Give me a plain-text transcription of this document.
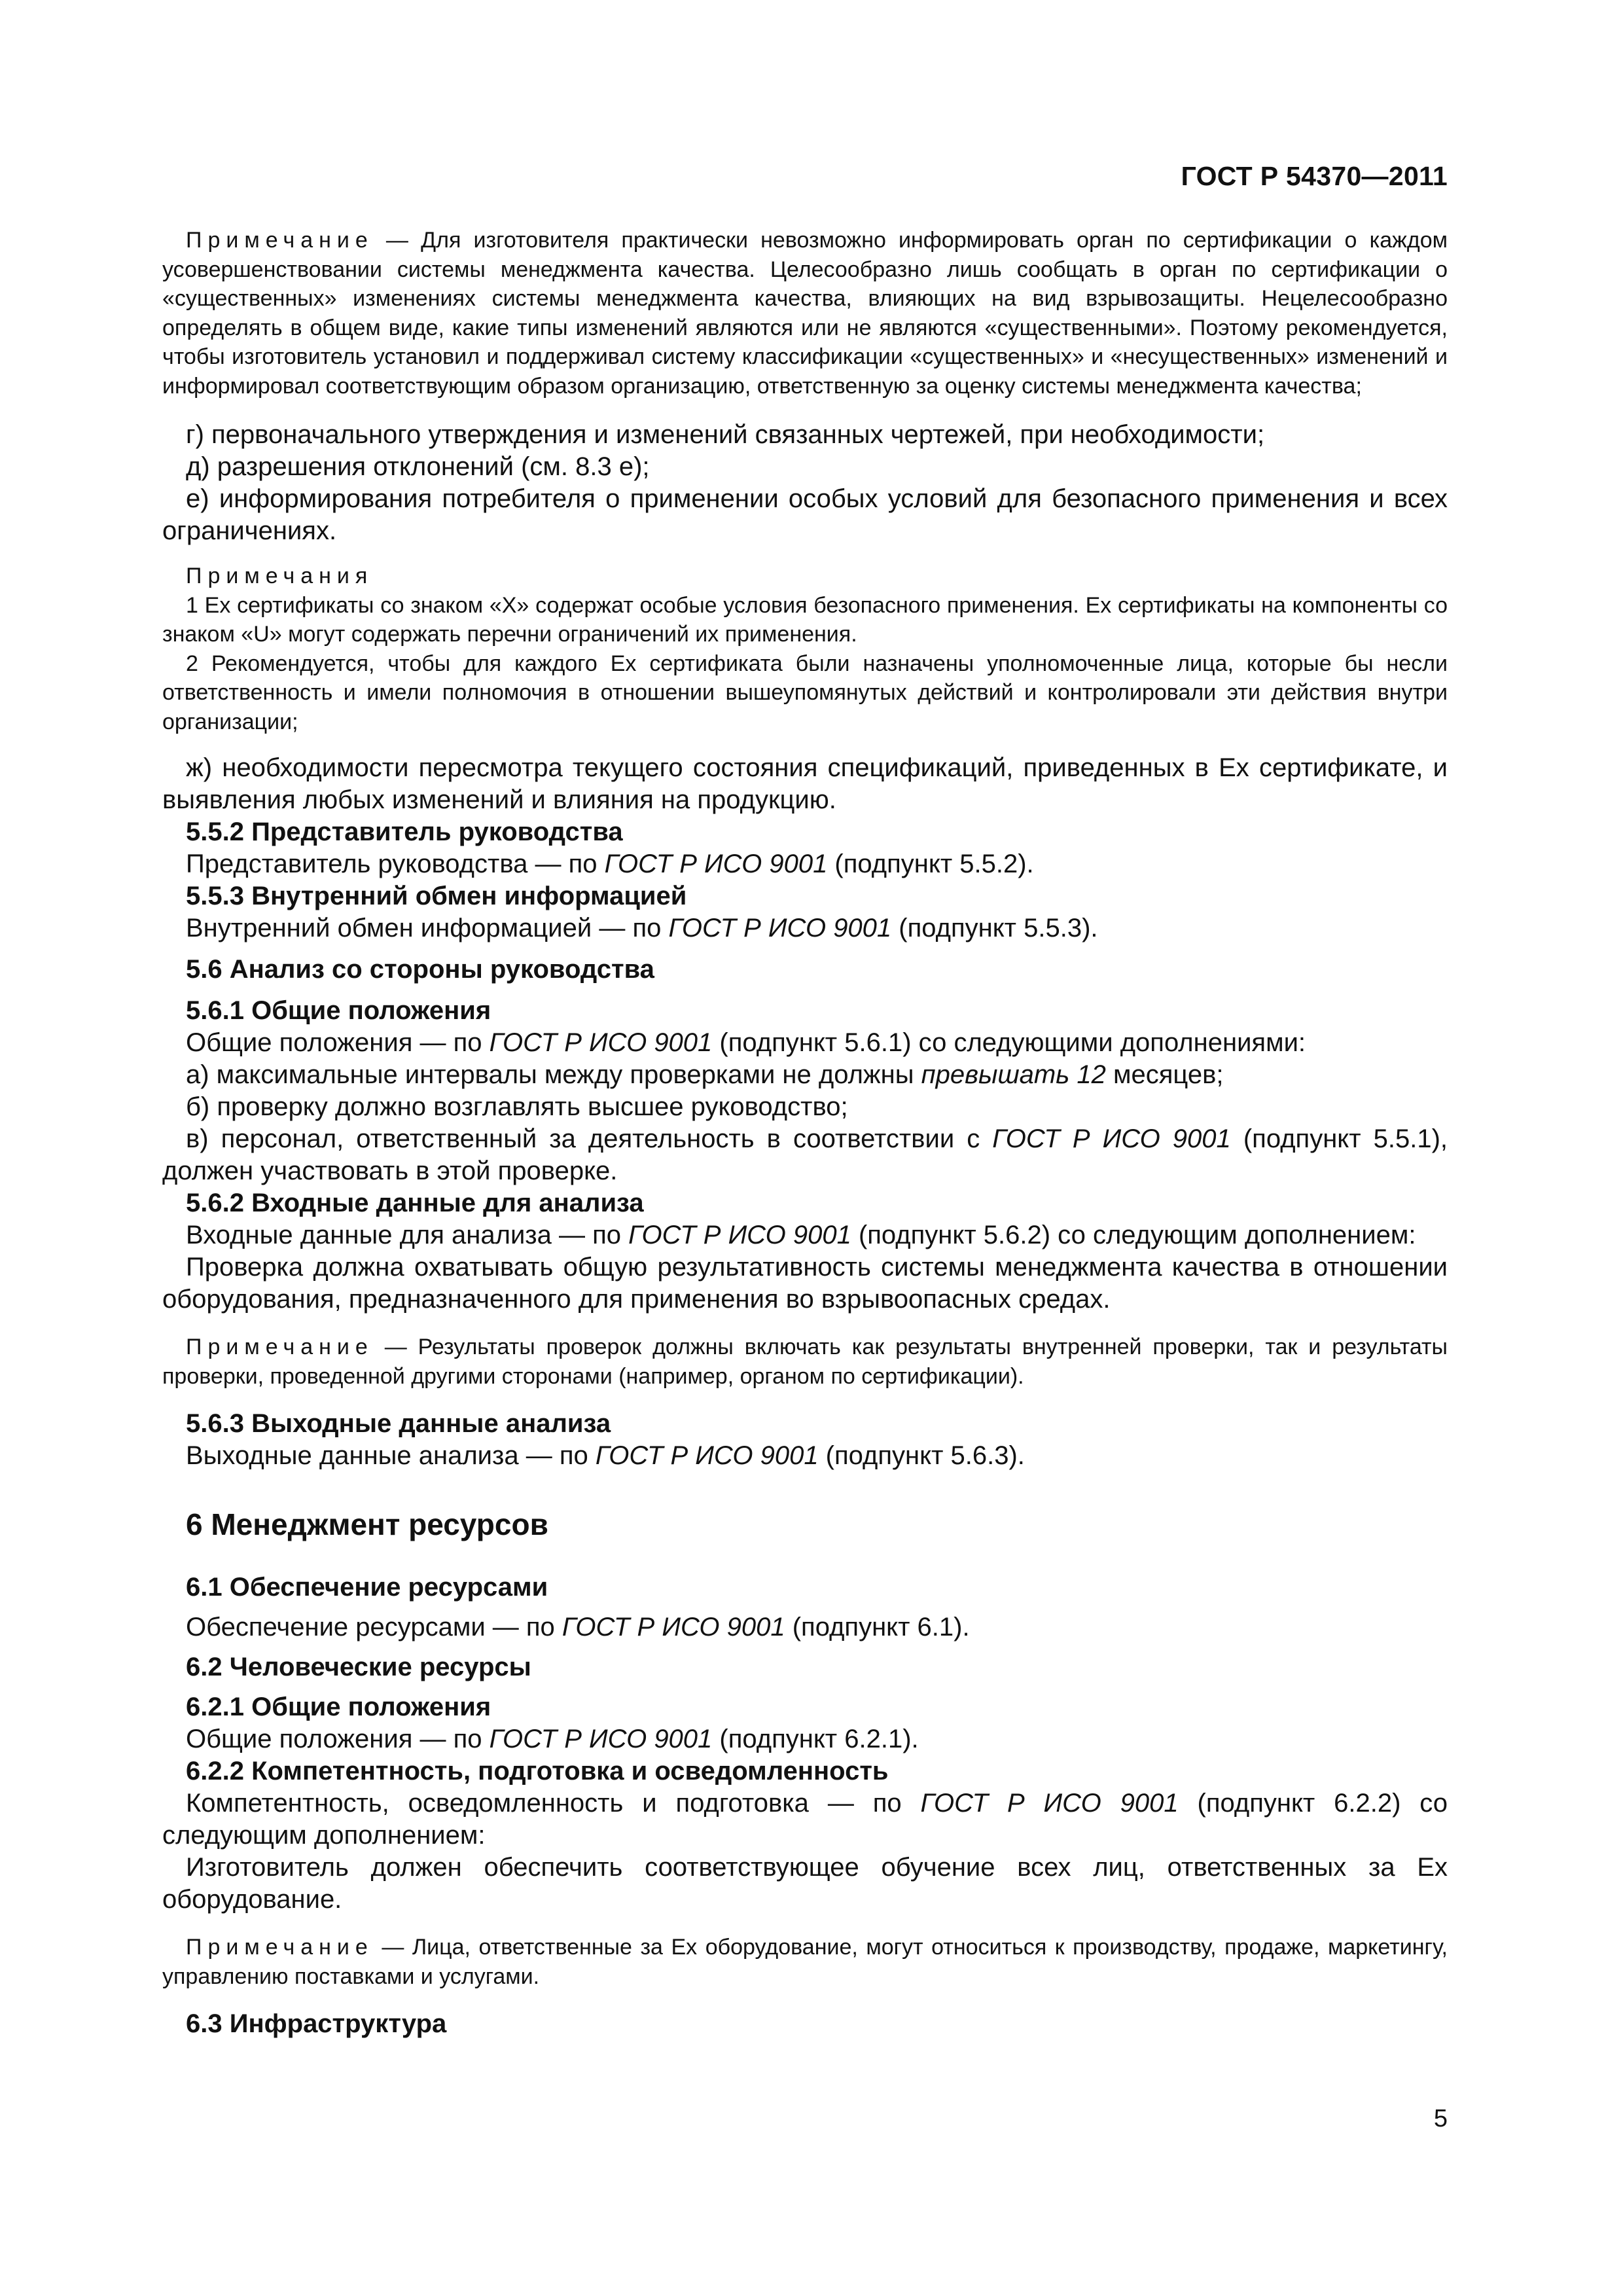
ГОСТ Р 54370—2011

Примечание — Для изготовителя практически невозможно информировать орган по сертификации о каждом усовершенствовании системы менеджмента качества. Целесообразно лишь сообщать в орган по сертификации о «существенных» изменениях системы менеджмента качества, влияющих на вид взрывозащиты. Нецелесообразно определять в общем виде, какие типы изменений являются или не являются «существенными». Поэтому рекомендуется, чтобы изготовитель установил и поддерживал систему классификации «существенных» и «несущественных» изменений и информировал соответствующим образом организацию, ответственную за оценку системы менеджмента качества;

г) первоначального утверждения и изменений связанных чертежей, при необходимости;

д) разрешения отклонений (см. 8.3 е);

е) информирования потребителя о применении особых условий для безопасного применения и всех ограничениях.

Примечания

1 Ех сертификаты со знаком «Х» содержат особые условия безопасного применения. Ех сертификаты на компоненты со знаком «U» могут содержать перечни ограничений их применения.

2 Рекомендуется, чтобы для каждого Ех сертификата были назначены уполномоченные лица, которые бы несли ответственность и имели полномочия в отношении вышеупомянутых действий и контролировали эти действия внутри организации;

ж) необходимости пересмотра текущего состояния спецификаций, приведенных в Ех сертификате, и выявления любых изменений и влияния на продукцию.

5.5.2 Представитель руководства

Представитель руководства — по ГОСТ Р ИСО 9001 (подпункт 5.5.2).

5.5.3 Внутренний обмен информацией

Внутренний обмен информацией — по ГОСТ Р ИСО 9001 (подпункт 5.5.3).

5.6 Анализ со стороны руководства

5.6.1 Общие положения

Общие положения — по ГОСТ Р ИСО 9001 (подпункт 5.6.1) со следующими дополнениями:

а) максимальные интервалы между проверками не должны превышать 12 месяцев;

б) проверку должно возглавлять высшее руководство;

в) персонал, ответственный за деятельность в соответствии с ГОСТ Р ИСО 9001 (подпункт 5.5.1), должен участвовать в этой проверке.

5.6.2 Входные данные для анализа

Входные данные для анализа — по ГОСТ Р ИСО 9001 (подпункт 5.6.2) со следующим дополнением:

Проверка должна охватывать общую результативность системы менеджмента качества в отношении оборудования, предназначенного для применения во взрывоопасных средах.

Примечание — Результаты проверок должны включать как результаты внутренней проверки, так и результаты проверки, проведенной другими сторонами (например, органом по сертификации).

5.6.3 Выходные данные анализа

Выходные данные анализа — по ГОСТ Р ИСО 9001 (подпункт 5.6.3).

6 Менеджмент ресурсов

6.1 Обеспечение ресурсами

Обеспечение ресурсами — по ГОСТ Р ИСО 9001 (подпункт 6.1).

6.2 Человеческие ресурсы

6.2.1 Общие положения

Общие положения — по ГОСТ Р ИСО 9001 (подпункт 6.2.1).

6.2.2 Компетентность, подготовка и осведомленность

Компетентность, осведомленность и подготовка — по ГОСТ Р ИСО 9001 (подпункт 6.2.2) со следующим дополнением:

Изготовитель должен обеспечить соответствующее обучение всех лиц, ответственных за Ех оборудование.

Примечание — Лица, ответственные за Ех оборудование, могут относиться к производству, продаже, маркетингу, управлению поставками и услугами.

6.3 Инфраструктура

5
